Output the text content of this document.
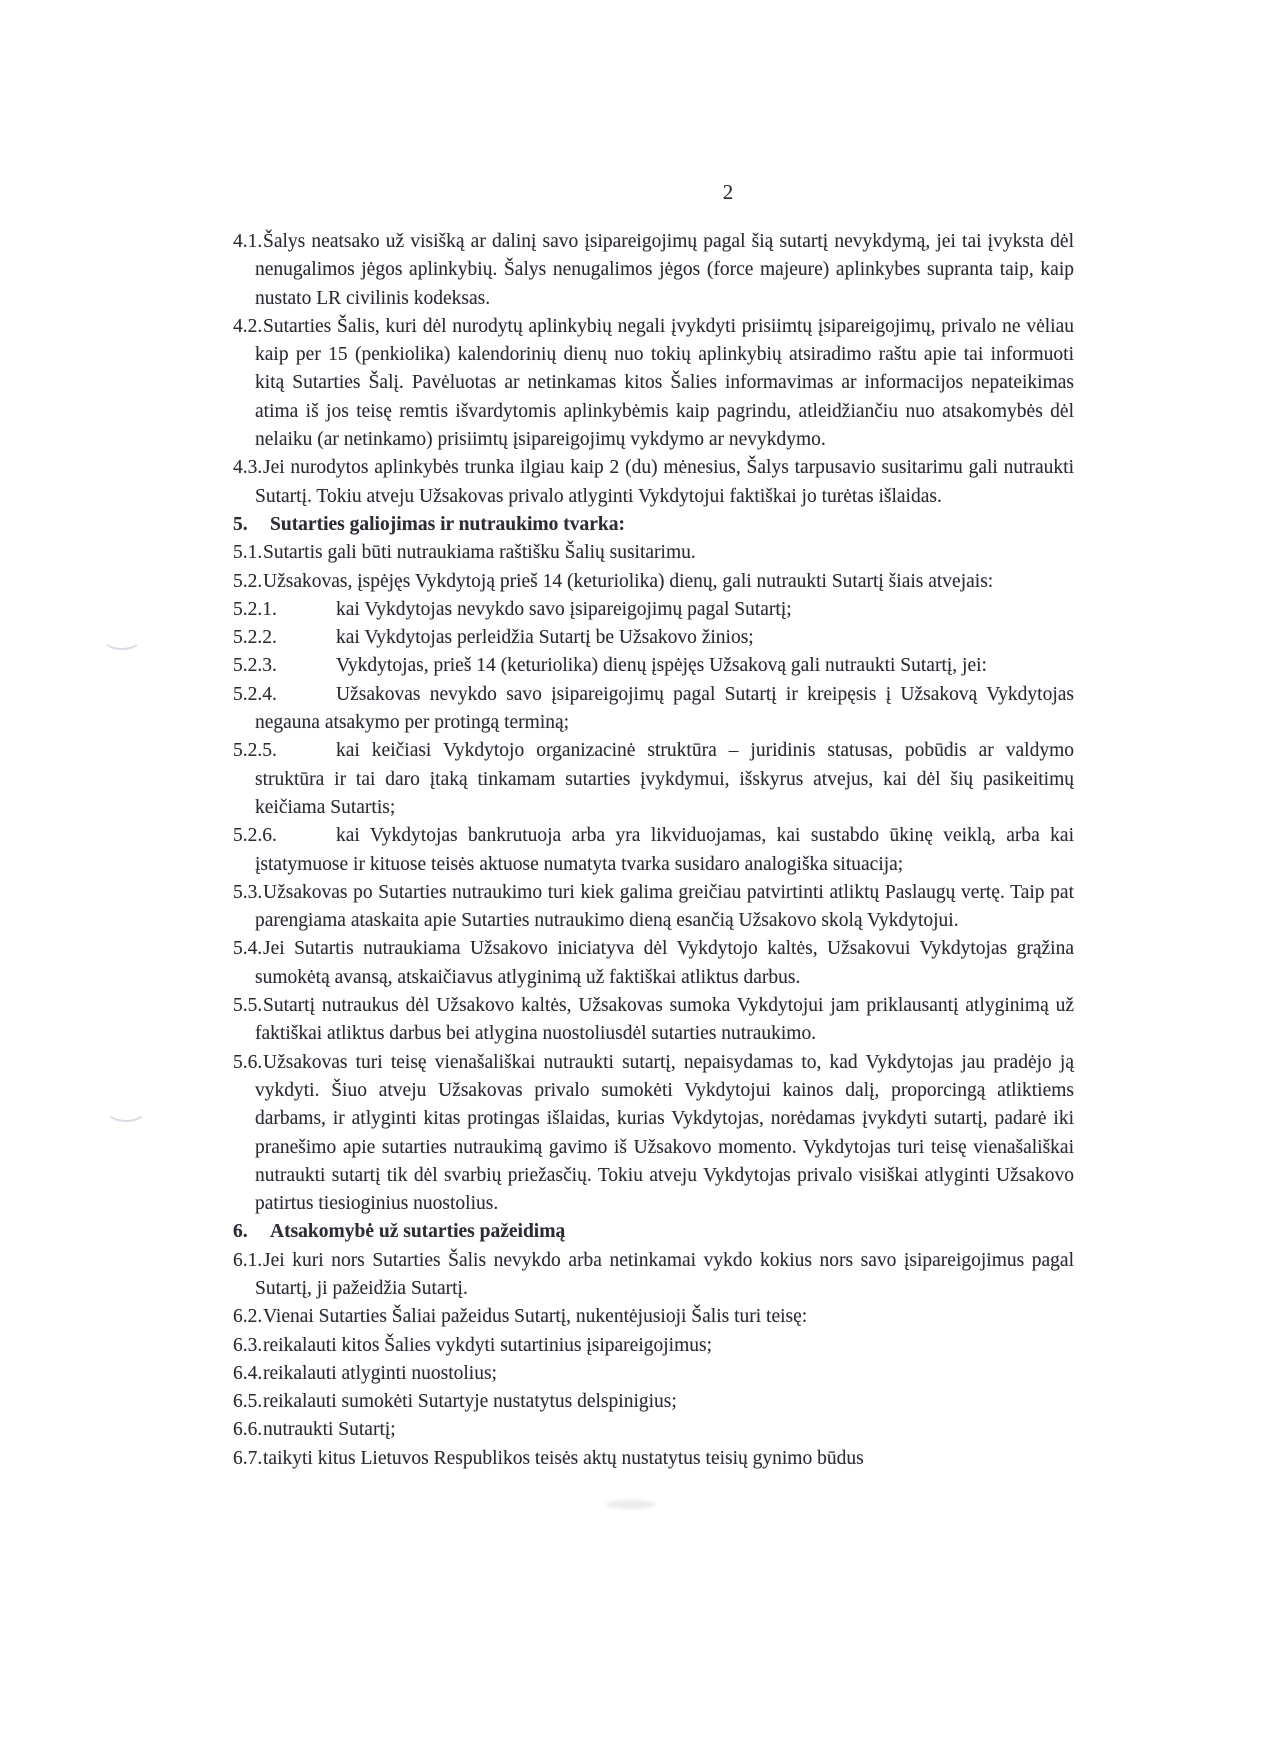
2

4.1.Šalys neatsako už visišką ar dalinį savo įsipareigojimų pagal šią sutartį nevykdymą, jei tai įvyksta dėl nenugalimos jėgos aplinkybių. Šalys nenugalimos jėgos (force majeure) aplinkybes supranta taip, kaip nustato LR civilinis kodeksas.

4.2.Sutarties Šalis, kuri dėl nurodytų aplinkybių negali įvykdyti prisiimtų įsipareigojimų, privalo ne vėliau kaip per 15 (penkiolika) kalendorinių dienų nuo tokių aplinkybių atsiradimo raštu apie tai informuoti kitą Sutarties Šalį. Pavėluotas ar netinkamas kitos Šalies informavimas ar informacijos nepateikimas atima iš jos teisę remtis išvardytomis aplinkybėmis kaip pagrindu, atleidžiančiu nuo atsakomybės dėl nelaiku (ar netinkamo) prisiimtų įsipareigojimų vykdymo ar nevykdymo.

4.3.Jei nurodytos aplinkybės trunka ilgiau kaip 2 (du) mėnesius, Šalys tarpusavio susitarimu gali nutraukti Sutartį. Tokiu atveju Užsakovas privalo atlyginti Vykdytojui faktiškai jo turėtas išlaidas.

5. Sutarties galiojimas ir nutraukimo tvarka:

5.1.Sutartis gali būti nutraukiama raštišku Šalių susitarimu.

5.2.Užsakovas, įspėjęs Vykdytoją prieš 14 (keturiolika) dienų, gali nutraukti Sutartį šiais atvejais:

5.2.1.	kai Vykdytojas nevykdo savo įsipareigojimų pagal Sutartį;

5.2.2.	kai Vykdytojas perleidžia Sutartį be Užsakovo žinios;

5.2.3.	Vykdytojas, prieš 14 (keturiolika) dienų įspėjęs Užsakovą gali nutraukti Sutartį, jei:

5.2.4.	Užsakovas nevykdo savo įsipareigojimų pagal Sutartį ir kreipęsis į Užsakovą Vykdytojas negauna atsakymo per protingą terminą;

5.2.5.	kai keičiasi Vykdytojo organizacinė struktūra – juridinis statusas, pobūdis ar valdymo struktūra ir tai daro įtaką tinkamam sutarties įvykdymui, išskyrus atvejus, kai dėl šių pasikeitimų keičiama Sutartis;

5.2.6.	kai Vykdytojas bankrutuoja arba yra likviduojamas, kai sustabdo ūkinę veiklą, arba kai įstatymuose ir kituose teisės aktuose numatyta tvarka susidaro analogiška situacija;

5.3.Užsakovas po Sutarties nutraukimo turi kiek galima greičiau patvirtinti atliktų Paslaugų vertę. Taip pat parengiama ataskaita apie Sutarties nutraukimo dieną esančią Užsakovo skolą Vykdytojui.

5.4.Jei Sutartis nutraukiama Užsakovo iniciatyva dėl Vykdytojo kaltės, Užsakovui Vykdytojas grąžina sumokėtą avansą, atskaičiavus atlyginimą už faktiškai atliktus darbus.

5.5.Sutartį nutraukus dėl Užsakovo kaltės, Užsakovas sumoka Vykdytojui jam priklausantį atlyginimą už faktiškai atliktus darbus bei atlygina nuostoliusdėl sutarties nutraukimo.

5.6.Užsakovas turi teisę vienašališkai nutraukti sutartį, nepaisydamas to, kad Vykdytojas jau pradėjo ją vykdyti. Šiuo atveju Užsakovas privalo sumokėti Vykdytojui kainos dalį, proporcingą atliktiems darbams, ir atlyginti kitas protingas išlaidas, kurias Vykdytojas, norėdamas įvykdyti sutartį, padarė iki pranešimo apie sutarties nutraukimą gavimo iš Užsakovo momento. Vykdytojas turi teisę vienašališkai nutraukti sutartį tik dėl svarbių priežasčių. Tokiu atveju Vykdytojas privalo visiškai atlyginti Užsakovo patirtus tiesioginius nuostolius.

6. Atsakomybė už sutarties pažeidimą

6.1.Jei kuri nors Sutarties Šalis nevykdo arba netinkamai vykdo kokius nors savo įsipareigojimus pagal Sutartį, ji pažeidžia Sutartį.

6.2.Vienai Sutarties Šaliai pažeidus Sutartį, nukentėjusioji Šalis turi teisę:

6.3.reikalauti kitos Šalies vykdyti sutartinius įsipareigojimus;

6.4.reikalauti atlyginti nuostolius;

6.5.reikalauti sumokėti Sutartyje nustatytus delspinigius;

6.6.nutraukti Sutartį;

6.7.taikyti kitus Lietuvos Respublikos teisės aktų nustatytus teisių gynimo būdus
